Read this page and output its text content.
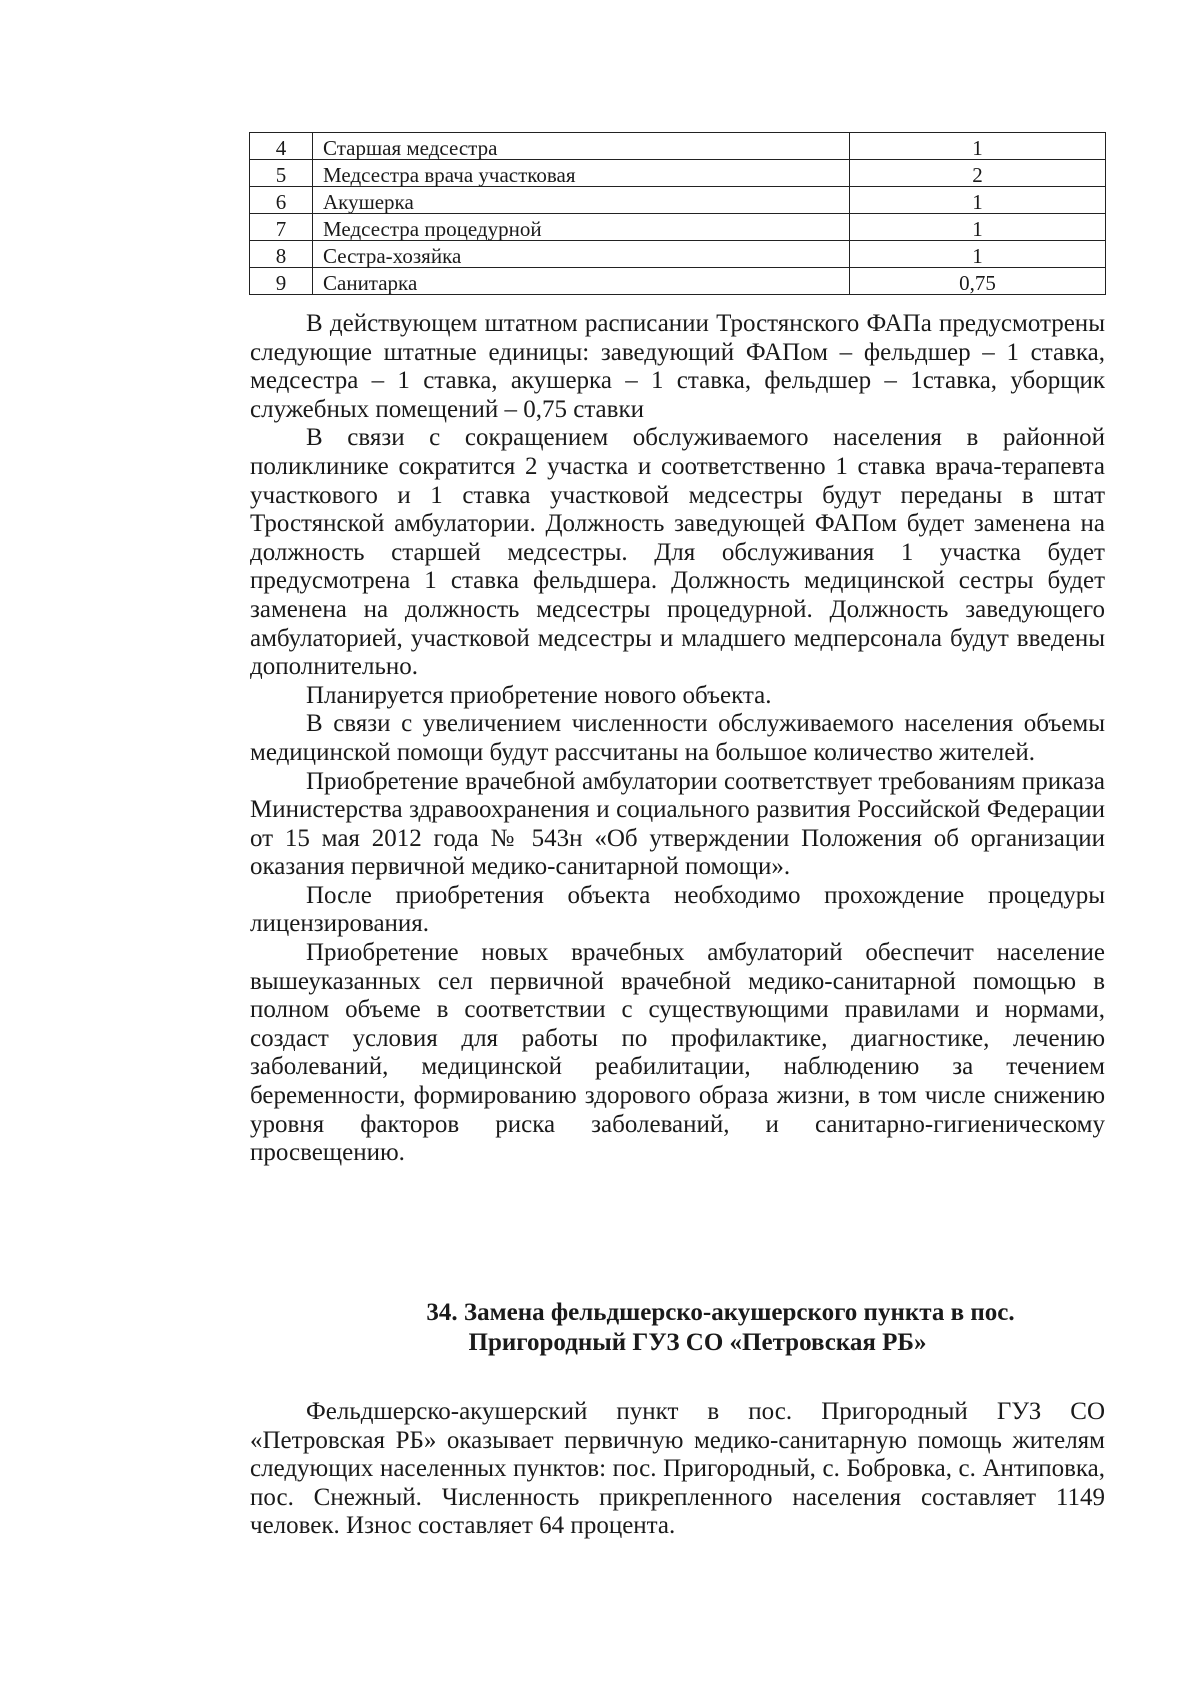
4	Старшая медсестра	1
5	Медсестра врача участковая	2
6	Акушерка	1
7	Медсестра процедурной	1
8	Сестра-хозяйка	1
9	Санитарка	0,75

В действующем штатном расписании Тростянского ФАПа предусмотрены следующие штатные единицы: заведующий ФАПом – фельдшер – 1 ставка, медсестра – 1 ставка, акушерка – 1 ставка, фельдшер – 1ставка, уборщик служебных помещений – 0,75 ставки

В связи с сокращением обслуживаемого населения в районной поликлинике сократится 2 участка и соответственно 1 ставка врача-терапевта участкового и 1 ставка участковой медсестры будут переданы в штат Тростянской амбулатории. Должность заведующей ФАПом будет заменена на должность старшей медсестры. Для обслуживания 1 участка будет предусмотрена 1 ставка фельдшера. Должность медицинской сестры будет заменена на должность медсестры процедурной. Должность заведующего амбулаторией, участковой медсестры и младшего медперсонала будут введены дополнительно.

Планируется приобретение нового объекта.

В связи с увеличением численности обслуживаемого населения объемы медицинской помощи будут рассчитаны на большое количество жителей.

Приобретение врачебной амбулатории соответствует требованиям приказа Министерства здравоохранения и социального развития Российской Федерации от 15 мая 2012 года № 543н «Об утверждении Положения об организации оказания первичной медико-санитарной помощи».

После приобретения объекта необходимо прохождение процедуры лицензирования.

Приобретение новых врачебных амбулаторий обеспечит население вышеуказанных сел первичной врачебной медико-санитарной помощью в полном объеме в соответствии с существующими правилами и нормами, создаст условия для работы по профилактике, диагностике, лечению заболеваний, медицинской реабилитации, наблюдению за течением беременности, формированию здорового образа жизни, в том числе снижению уровня факторов риска заболеваний, и санитарно-гигиеническому просвещению.

34. Замена фельдшерско-акушерского пункта в пос.
Пригородный ГУЗ СО «Петровская РБ»

Фельдшерско-акушерский пункт в пос. Пригородный ГУЗ СО «Петровская РБ» оказывает первичную медико-санитарную помощь жителям следующих населенных пунктов: пос. Пригородный, с. Бобровка, с. Антиповка, пос. Снежный. Численность прикрепленного населения составляет 1149 человек. Износ составляет 64 процента.
